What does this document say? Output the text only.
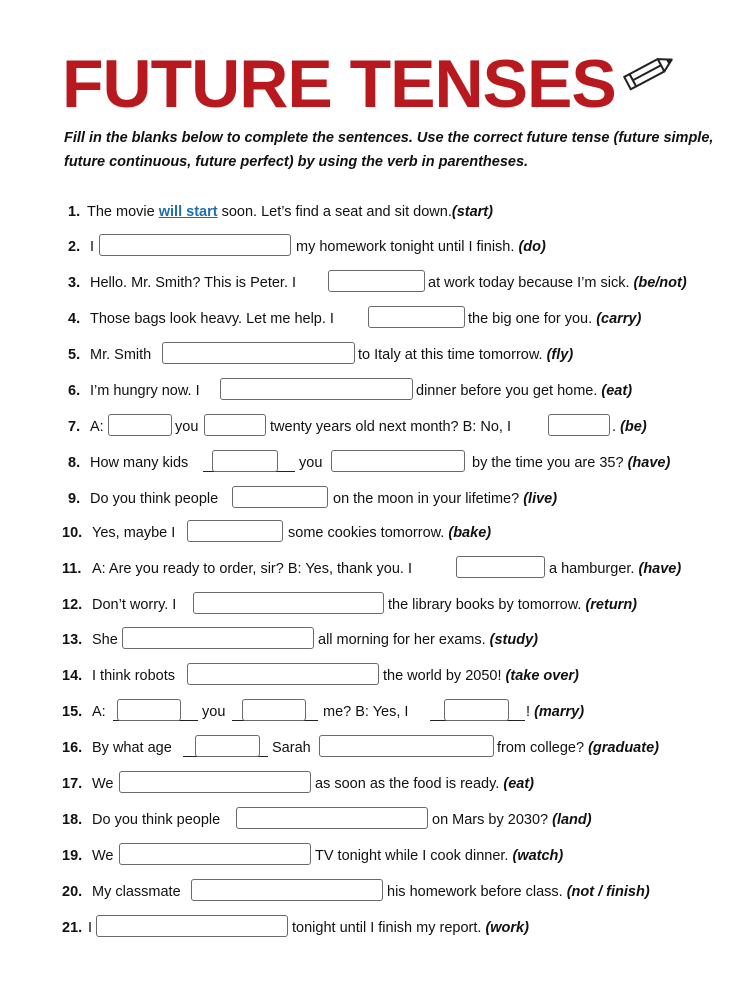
FUTURE TENSES

Fill in the blanks below to complete the sentences. Use the correct future tense (future simple, future continuous, future perfect) by using the verb in parentheses.

1. The movie will start soon. Let’s find a seat and sit down.(start)
2. I	my homework tonight until I finish. (do)
3. Hello. Mr. Smith? This is Peter. I	at work today because I’m sick. (be/not)
4. Those bags look heavy. Let me help. I	the big one for you. (carry)
5. Mr. Smith	to Italy at this time tomorrow. (fly)
6. I’m hungry now. I	dinner before you get home. (eat)
7. A:	you	twenty years old next month? B: No, I	. (be)
8. How many kids	you	by the time you are 35? (have)
9. Do you think people	on the moon in your lifetime? (live)
10. Yes, maybe I	some cookies tomorrow. (bake)
11. A: Are you ready to order, sir? B: Yes, thank you. I	a hamburger. (have)
12. Don’t worry. I	the library books by tomorrow. (return)
13. She	all morning for her exams. (study)
14. I think robots	the world by 2050! (take over)
15. A:	you	me? B: Yes, I	! (marry)
16. By what age	Sarah	from college? (graduate)
17. We	as soon as the food is ready. (eat)
18. Do you think people	on Mars by 2030? (land)
19. We	TV tonight while I cook dinner. (watch)
20. My classmate	his homework before class. (not / finish)
21. I	tonight until I finish my report. (work)
